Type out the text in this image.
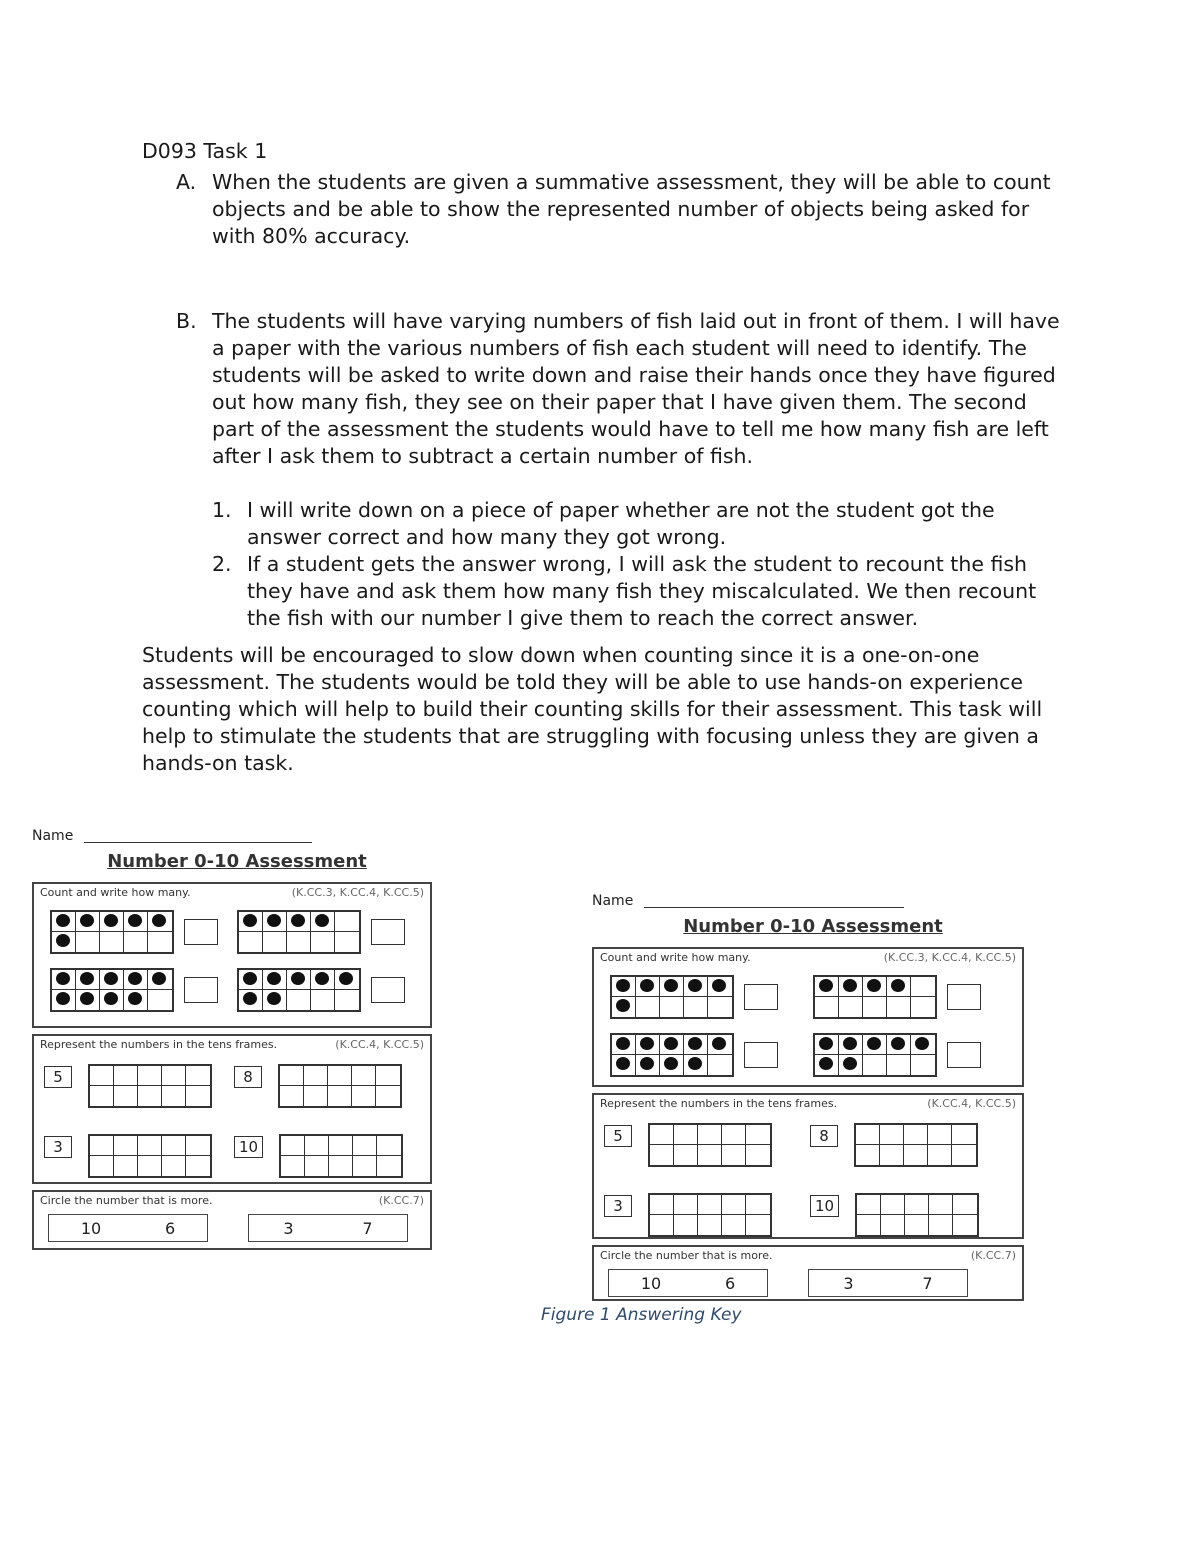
D093 Task 1
A. When the students are given a summative assessment, they will be able to count objects and be able to show the represented number of objects being asked for with 80% accuracy.
B. The students will have varying numbers of fish laid out in front of them. I will have a paper with the various numbers of fish each student will need to identify. The students will be asked to write down and raise their hands once they have figured out how many fish, they see on their paper that I have given them. The second part of the assessment the students would have to tell me how many fish are left after I ask them to subtract a certain number of fish.
1. I will write down on a piece of paper whether are not the student got the answer correct and how many they got wrong.
2. If a student gets the answer wrong, I will ask the student to recount the fish they have and ask them how many fish they miscalculated. We then recount the fish with our number I give them to reach the correct answer.
Students will be encouraged to slow down when counting since it is a one-on-one assessment. The students would be told they will be able to use hands-on experience counting which will help to build their counting skills for their assessment. This task will help to stimulate the students that are struggling with focusing unless they are given a hands-on task.
Name
Number 0-10 Assessment
Count and write how many.	(K.CC.3, K.CC.4, K.CC.5)
Represent the numbers in the tens frames.	(K.CC.4, K.CC.5)
5	8
3	10
Circle the number that is more.	(K.CC.7)
10	6	3	7
Name
Number 0-10 Assessment
Count and write how many.	(K.CC.3, K.CC.4, K.CC.5)
Represent the numbers in the tens frames.	(K.CC.4, K.CC.5)
5	8
3	10
Circle the number that is more.	(K.CC.7)
10	6	3	7
Figure 1 Answering Key
